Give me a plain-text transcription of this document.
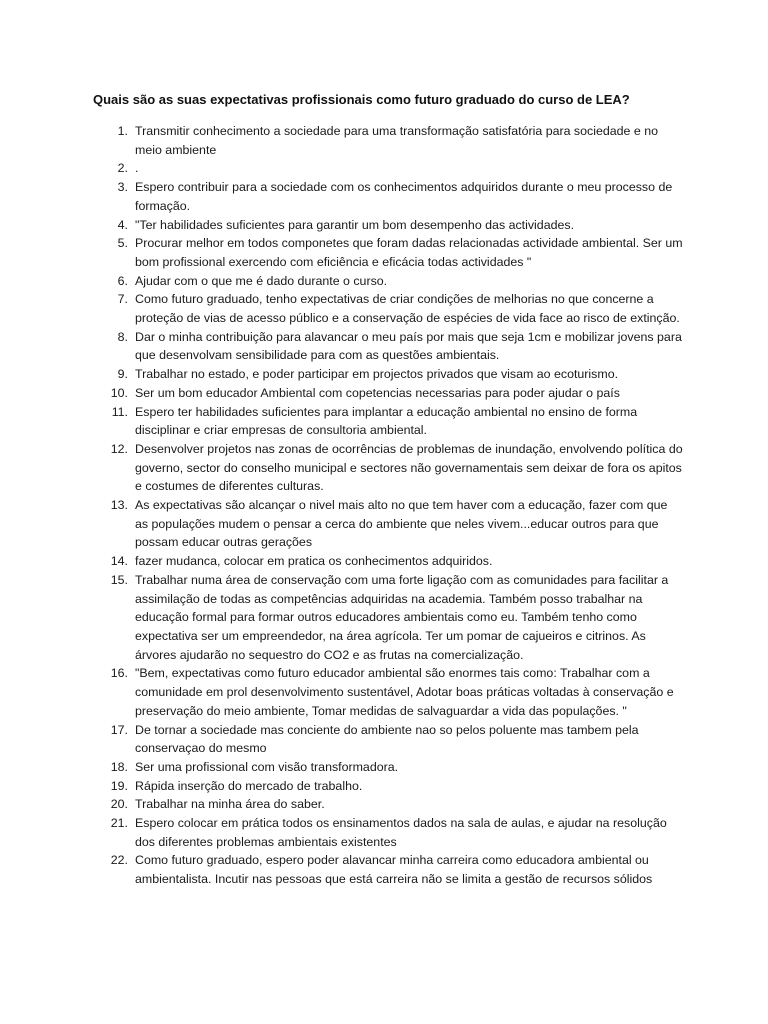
Quais são as suas expectativas profissionais como futuro graduado do curso de LEA?
1. Transmitir conhecimento a sociedade para uma transformação satisfatória para sociedade e no meio ambiente
2. .
3. Espero contribuir para a sociedade com os conhecimentos adquiridos durante o meu processo de formação.
4. "Ter habilidades suficientes para garantir um bom desempenho das actividades.
5. Procurar melhor em todos componetes que foram dadas relacionadas actividade ambiental. Ser um bom profissional exercendo com eficiência e eficácia todas actividades "
6. Ajudar com o que me é dado durante o curso.
7. Como futuro graduado, tenho expectativas de criar condições de melhorias no que concerne a proteção de vias de acesso público e a conservação de espécies de vida face ao risco de extinção.
8. Dar o minha contribuição para alavancar o meu país por mais que seja 1cm e mobilizar jovens para que desenvolvam sensibilidade para com as questões ambientais.
9. Trabalhar no estado, e poder participar em projectos privados que visam ao ecoturismo.
10. Ser um bom educador Ambiental com copetencias necessarias para poder ajudar o país
11. Espero ter habilidades suficientes para implantar a educação ambiental no ensino de forma disciplinar e criar empresas de consultoria ambiental.
12. Desenvolver projetos nas zonas de ocorrências de problemas de inundação, envolvendo política do governo, sector do conselho municipal e sectores não governamentais sem deixar de fora os apitos e costumes de diferentes culturas.
13. As expectativas são alcançar o nivel mais alto no que tem haver com a educação, fazer com que as populações mudem o pensar a cerca do ambiente que neles vivem...educar outros para que possam educar outras gerações
14. fazer mudanca, colocar em pratica os conhecimentos adquiridos.
15. Trabalhar numa área de conservação com uma forte ligação com as comunidades para facilitar a assimilação de todas as competências adquiridas na academia. Também posso trabalhar na educação formal para formar outros educadores ambientais como eu. Também tenho como expectativa ser um empreendedor, na área agrícola. Ter um pomar de cajueiros e citrinos. As árvores ajudarão no sequestro do CO2 e as frutas na comercialização.
16. "Bem, expectativas como futuro educador ambiental são enormes tais como: Trabalhar com a comunidade em prol desenvolvimento sustentável, Adotar boas práticas voltadas à conservação e preservação do meio ambiente, Tomar medidas de salvaguardar a vida das populações. "
17. De tornar a sociedade mas conciente do ambiente nao so pelos poluente mas tambem pela conservaçao do mesmo
18. Ser uma profissional com visão transformadora.
19. Rápida inserção do mercado de trabalho.
20. Trabalhar na minha área do saber.
21. Espero colocar em prática todos os ensinamentos dados na sala de aulas, e ajudar na resolução dos diferentes problemas ambientais existentes
22. Como futuro graduado, espero poder alavancar minha carreira como educadora ambiental ou ambientalista. Incutir nas pessoas que está carreira não se limita a gestão de recursos sólidos
